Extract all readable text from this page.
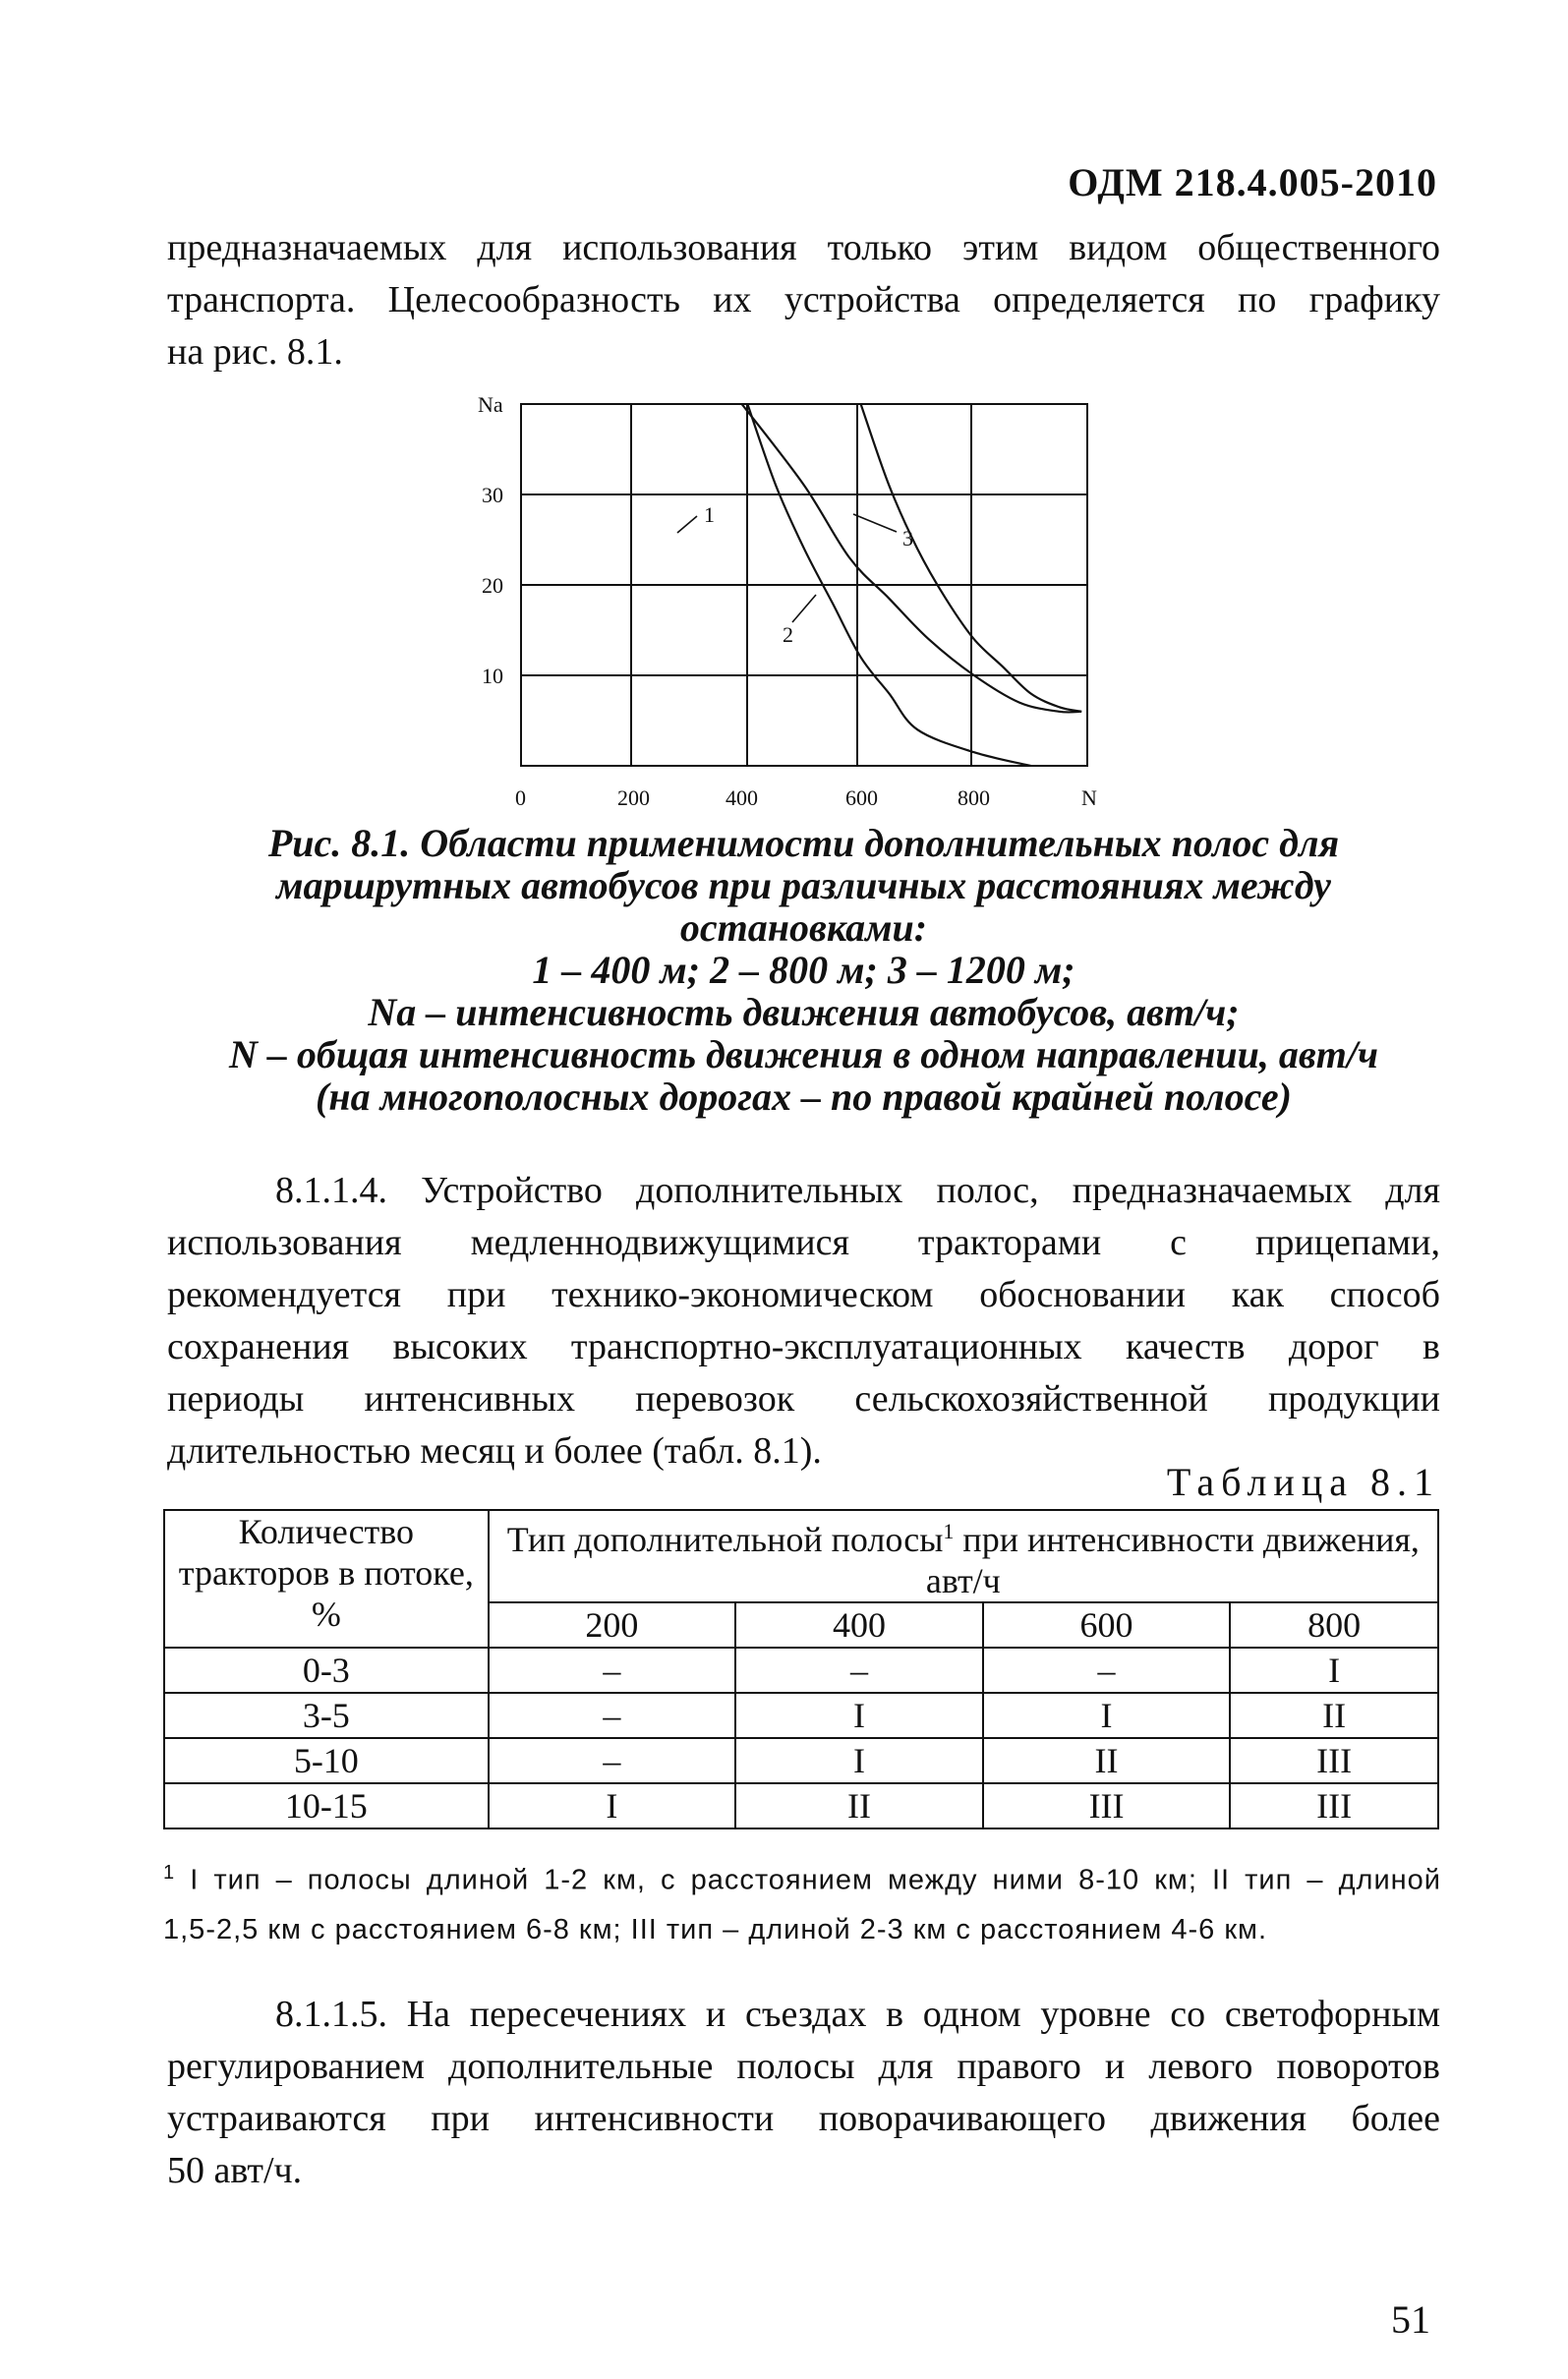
ОДМ 218.4.005-2010
предназначаемых для использования только этим видом общественного
транспорта. Целесообразность их устройства определяется по графику
на рис. 8.1.
1
2
3
Na
30
20
10
0	200	400	600	800	N
Рис. 8.1. Области применимости дополнительных полос для
маршрутных автобусов при различных расстояниях между
остановками:
1 – 400 м; 2 – 800 м; 3 – 1200 м;
Nа – интенсивность движения автобусов, авт/ч;
N – общая интенсивность движения в одном направлении, авт/ч
(на многополосных дорогах – по правой крайней полосе)
8.1.1.4. Устройство дополнительных полос, предназначаемых для
использования медленнодвижущимися тракторами с прицепами,
рекомендуется при технико-экономическом обосновании как способ
сохранения высоких транспортно-эксплуатационных качеств дорог в
периоды интенсивных перевозок сельскохозяйственной продукции
длительностью месяц и более (табл. 8.1).
Таблица 8.1
Количество тракторов в потоке, %	Тип дополнительной полосы$^1$ при интенсивности движения, авт/ч			
	200	400	600	800
0-3	–	–	–	I
3-5	–	I	I	II
5-10	–	I	II	III
10-15	I	II	III	III
$^1$ I тип – полосы длиной 1-2 км, с расстоянием между ними 8-10 км; II тип – длиной
1,5-2,5 км с расстоянием 6-8 км; III тип – длиной 2-3 км с расстоянием 4-6 км.
8.1.1.5. На пересечениях и съездах в одном уровне со светофорным
регулированием дополнительные полосы для правого и левого поворотов
устраиваются при интенсивности поворачивающего движения более
50 авт/ч.
51
